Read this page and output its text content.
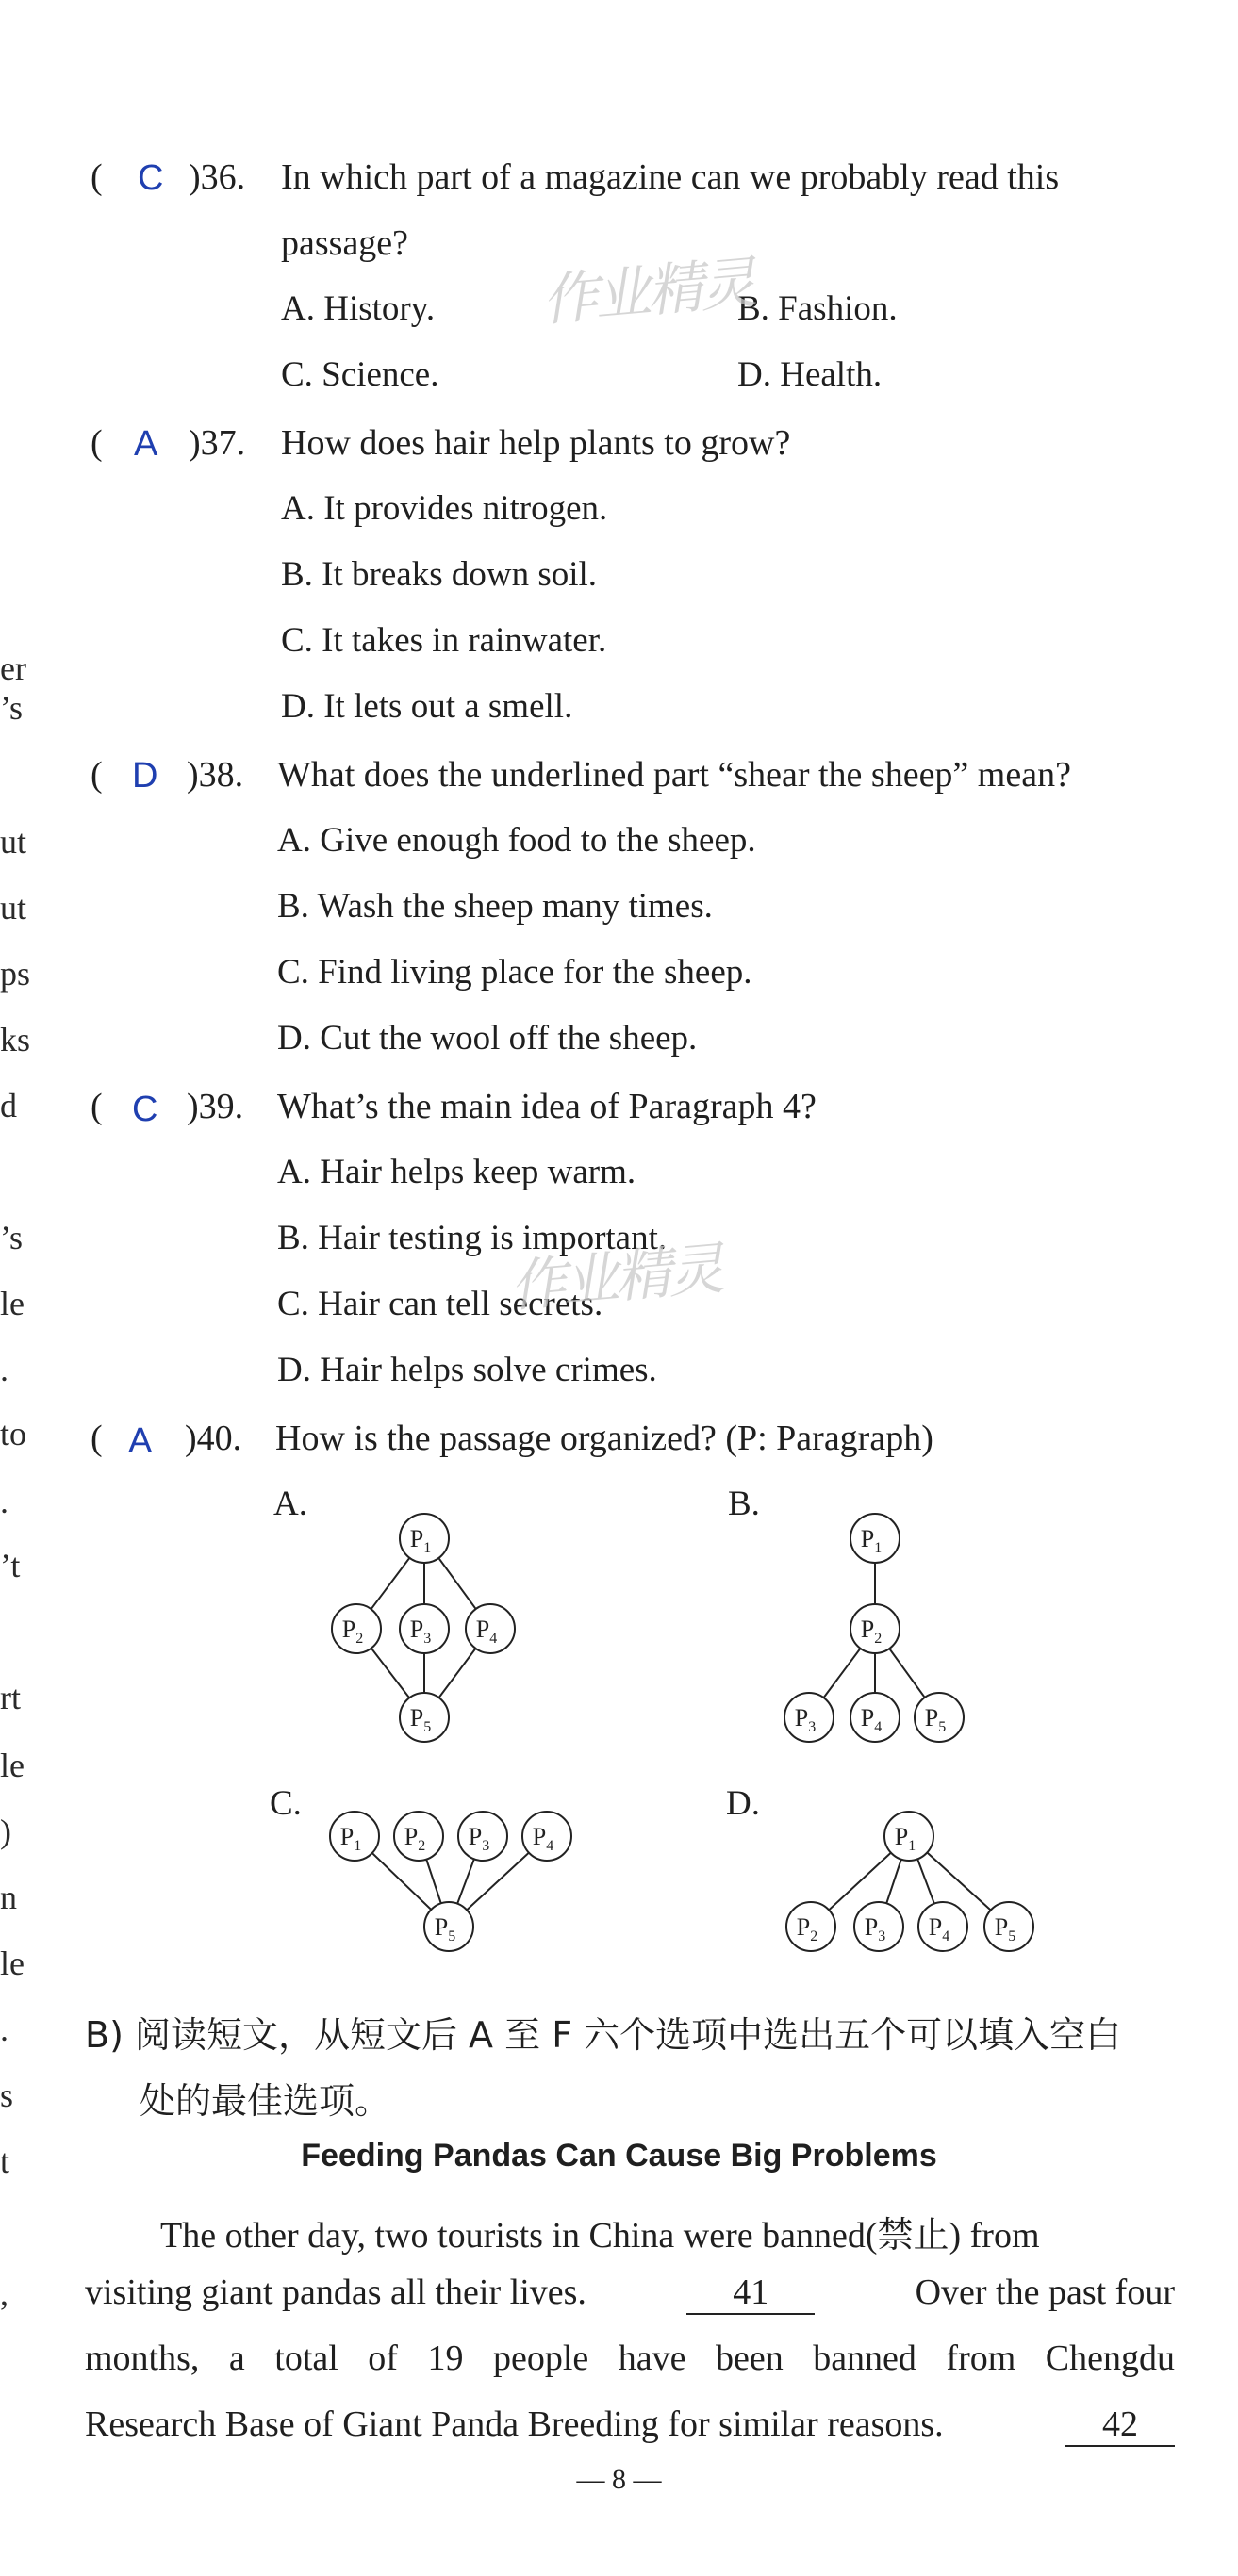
er
’s
ut
ut
ps
ks
d
’s
le
.
to
.
’t
rt
le
)
n
le
.
s
t
,
( C )36. In which part of a magazine can we probably read this
passage?
A. History.	B. Fashion.
C. Science.	D. Health.
作业精灵
( A )37. How does hair help plants to grow?
A. It provides nitrogen.
B. It breaks down soil.
C. It takes in rainwater.
D. It lets out a smell.
( D )38. What does the underlined part “shear the sheep” mean?
A. Give enough food to the sheep.
B. Wash the sheep many times.
C. Find living place for the sheep.
D. Cut the wool off the sheep.
( C )39. What’s the main idea of Paragraph 4?
A. Hair helps keep warm.
B. Hair testing is important.
C. Hair can tell secrets.
D. Hair helps solve crimes.
作业精灵
( A )40. How is the passage organized? (P: Paragraph)
A.	B.
C.	D.
$P_1$
$P_2$ $P_3$ $P_4$
$P_5$
$P_1$
$P_2$
$P_3$ $P_4$ $P_5$
$P_1$ $P_2$ $P_3$ $P_4$
$P_5$
$P_1$
$P_2$ $P_3$ $P_4$ $P_5$
B) 阅读短文，从短文后 A 至 F 六个选项中选出五个可以填入空白
处的最佳选项。
Feeding Pandas Can Cause Big Problems
The other day, two tourists in China were banned(禁止) from
visiting giant pandas all their lives.	41	Over the past four
months, a total of 19 people have been banned from Chengdu
Research Base of Giant Panda Breeding for similar reasons.	42
— 8 —
